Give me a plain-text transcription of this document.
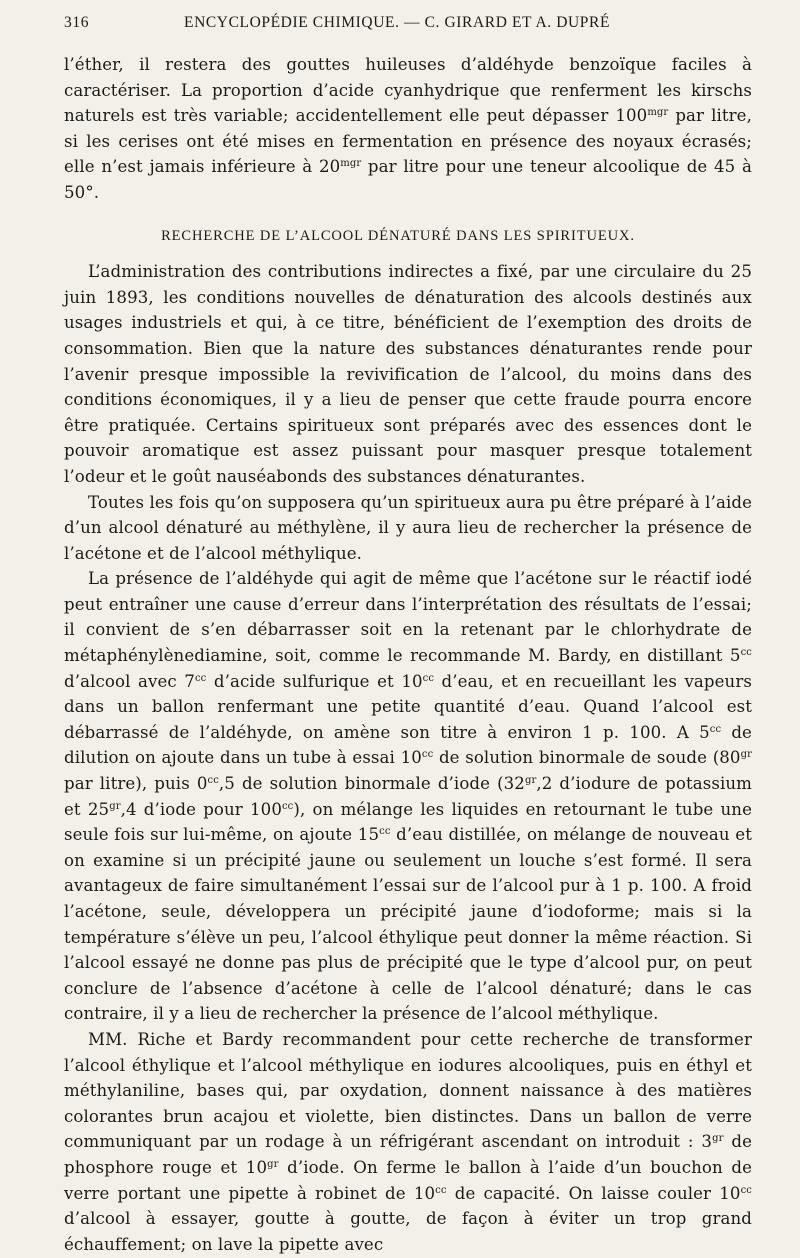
316	ENCYCLOPÉDIE CHIMIQUE. — C. GIRARD ET A. DUPRÉ

l’éther, il restera des gouttes huileuses d’aldéhyde benzoïque faciles à caractériser. La proportion d’acide cyanhydrique que renferment les kirschs naturels est très variable; accidentellement elle peut dépasser $100^{mgr}$ par litre, si les cerises ont été mises en fermentation en présence des noyaux écrasés; elle n’est jamais inférieure à $20^{mgr}$ par litre pour une teneur alcoolique de 45 à 50°.

RECHERCHE DE L’ALCOOL DÉNATURÉ DANS LES SPIRITUEUX.

L’administration des contributions indirectes a fixé, par une circulaire du 25 juin 1893, les conditions nouvelles de dénaturation des alcools destinés aux usages industriels et qui, à ce titre, bénéficient de l’exemption des droits de consommation. Bien que la nature des substances dénaturantes rende pour l’avenir presque impossible la revivification de l’alcool, du moins dans des conditions économiques, il y a lieu de penser que cette fraude pourra encore être pratiquée. Certains spiritueux sont préparés avec des essences dont le pouvoir aromatique est assez puissant pour masquer presque totalement l’odeur et le goût nauséabonds des substances dénaturantes.

Toutes les fois qu’on supposera qu’un spiritueux aura pu être préparé à l’aide d’un alcool dénaturé au méthylène, il y aura lieu de rechercher la présence de l’acétone et de l’alcool méthylique.

La présence de l’aldéhyde qui agit de même que l’acétone sur le réactif iodé peut entraîner une cause d’erreur dans l’interprétation des résultats de l’essai; il convient de s’en débarrasser soit en la retenant par le chlorhydrate de métaphénylènediamine, soit, comme le recommande M. Bardy, en distillant $5^{cc}$ d’alcool avec $7^{cc}$ d’acide sulfurique et $10^{cc}$ d’eau, et en recueillant les vapeurs dans un ballon renfermant une petite quantité d’eau. Quand l’alcool est débarrassé de l’aldéhyde, on amène son titre à environ 1 p. 100. A $5^{cc}$ de dilution on ajoute dans un tube à essai $10^{cc}$ de solution binormale de soude ($80^{gr}$ par litre), puis $0^{cc},5$ de solution binormale d’iode ($32^{gr},2$ d’iodure de potassium et $25^{gr},4$ d’iode pour $100^{cc}$), on mélange les liquides en retournant le tube une seule fois sur lui-même, on ajoute $15^{cc}$ d’eau distillée, on mélange de nouveau et on examine si un précipité jaune ou seulement un louche s’est formé. Il sera avantageux de faire simultanément l’essai sur de l’alcool pur à 1 p. 100. A froid l’acétone, seule, développera un précipité jaune d’iodoforme; mais si la température s’élève un peu, l’alcool éthylique peut donner la même réaction. Si l’alcool essayé ne donne pas plus de précipité que le type d’alcool pur, on peut conclure de l’absence d’acétone à celle de l’alcool dénaturé; dans le cas contraire, il y a lieu de rechercher la présence de l’alcool méthylique.

MM. Riche et Bardy recommandent pour cette recherche de transformer l’alcool éthylique et l’alcool méthylique en iodures alcooliques, puis en éthyl et méthylaniline, bases qui, par oxydation, donnent naissance à des matières colorantes brun acajou et violette, bien distinctes. Dans un ballon de verre communiquant par un rodage à un réfrigérant ascendant on introduit : $3^{gr}$ de phosphore rouge et $10^{gr}$ d’iode. On ferme le ballon à l’aide d’un bouchon de verre portant une pipette à robinet de $10^{cc}$ de capacité. On laisse couler $10^{cc}$ d’alcool à essayer, goutte à goutte, de façon à éviter un trop grand échauffement; on lave la pipette avec
